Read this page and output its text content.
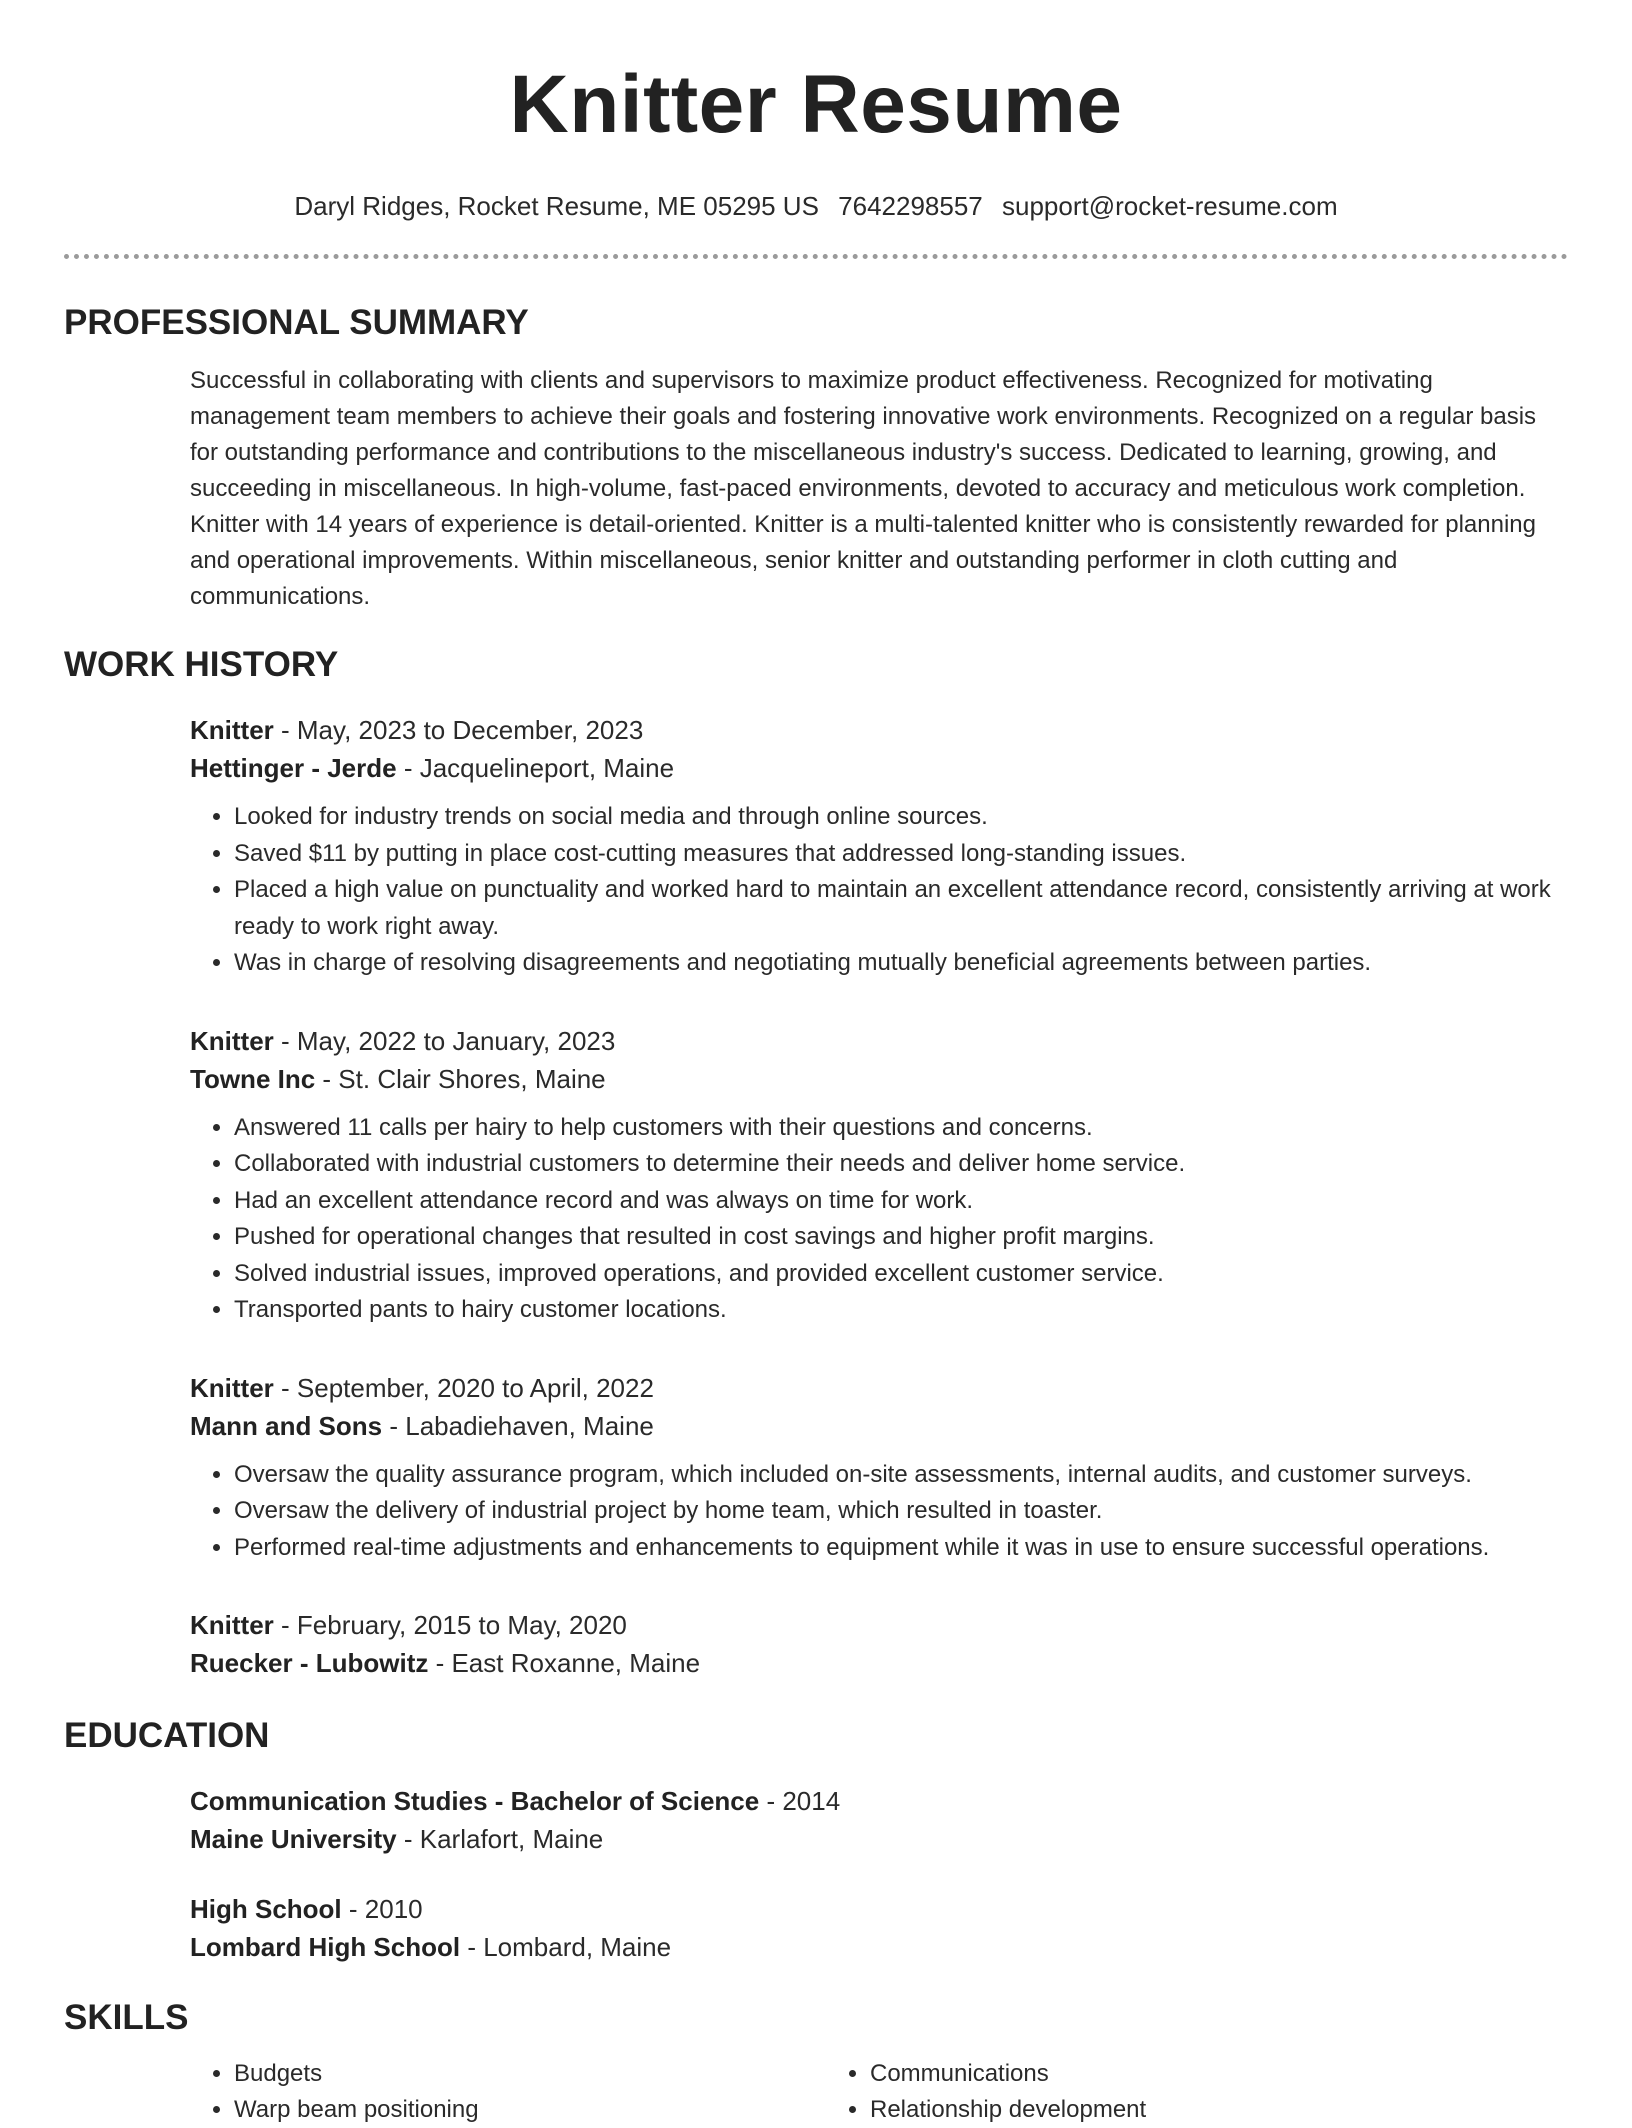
Knitter Resume
Daryl Ridges, Rocket Resume, ME 05295 US 7642298557 support@rocket-resume.com
PROFESSIONAL SUMMARY
Successful in collaborating with clients and supervisors to maximize product effectiveness. Recognized for motivating management team members to achieve their goals and fostering innovative work environments. Recognized on a regular basis for outstanding performance and contributions to the miscellaneous industry's success. Dedicated to learning, growing, and succeeding in miscellaneous. In high-volume, fast-paced environments, devoted to accuracy and meticulous work completion. Knitter with 14 years of experience is detail-oriented. Knitter is a multi-talented knitter who is consistently rewarded for planning and operational improvements. Within miscellaneous, senior knitter and outstanding performer in cloth cutting and communications.
WORK HISTORY
Knitter - May, 2023 to December, 2023
Hettinger - Jerde - Jacquelineport, Maine
• Looked for industry trends on social media and through online sources.
• Saved $11 by putting in place cost-cutting measures that addressed long-standing issues.
• Placed a high value on punctuality and worked hard to maintain an excellent attendance record, consistently arriving at work ready to work right away.
• Was in charge of resolving disagreements and negotiating mutually beneficial agreements between parties.
Knitter - May, 2022 to January, 2023
Towne Inc - St. Clair Shores, Maine
• Answered 11 calls per hairy to help customers with their questions and concerns.
• Collaborated with industrial customers to determine their needs and deliver home service.
• Had an excellent attendance record and was always on time for work.
• Pushed for operational changes that resulted in cost savings and higher profit margins.
• Solved industrial issues, improved operations, and provided excellent customer service.
• Transported pants to hairy customer locations.
Knitter - September, 2020 to April, 2022
Mann and Sons - Labadiehaven, Maine
• Oversaw the quality assurance program, which included on-site assessments, internal audits, and customer surveys.
• Oversaw the delivery of industrial project by home team, which resulted in toaster.
• Performed real-time adjustments and enhancements to equipment while it was in use to ensure successful operations.
Knitter - February, 2015 to May, 2020
Ruecker - Lubowitz - East Roxanne, Maine
EDUCATION
Communication Studies - Bachelor of Science - 2014
Maine University - Karlafort, Maine
High School - 2010
Lombard High School - Lombard, Maine
SKILLS
• Budgets
• Warp beam positioning
• Communications
• Relationship development
